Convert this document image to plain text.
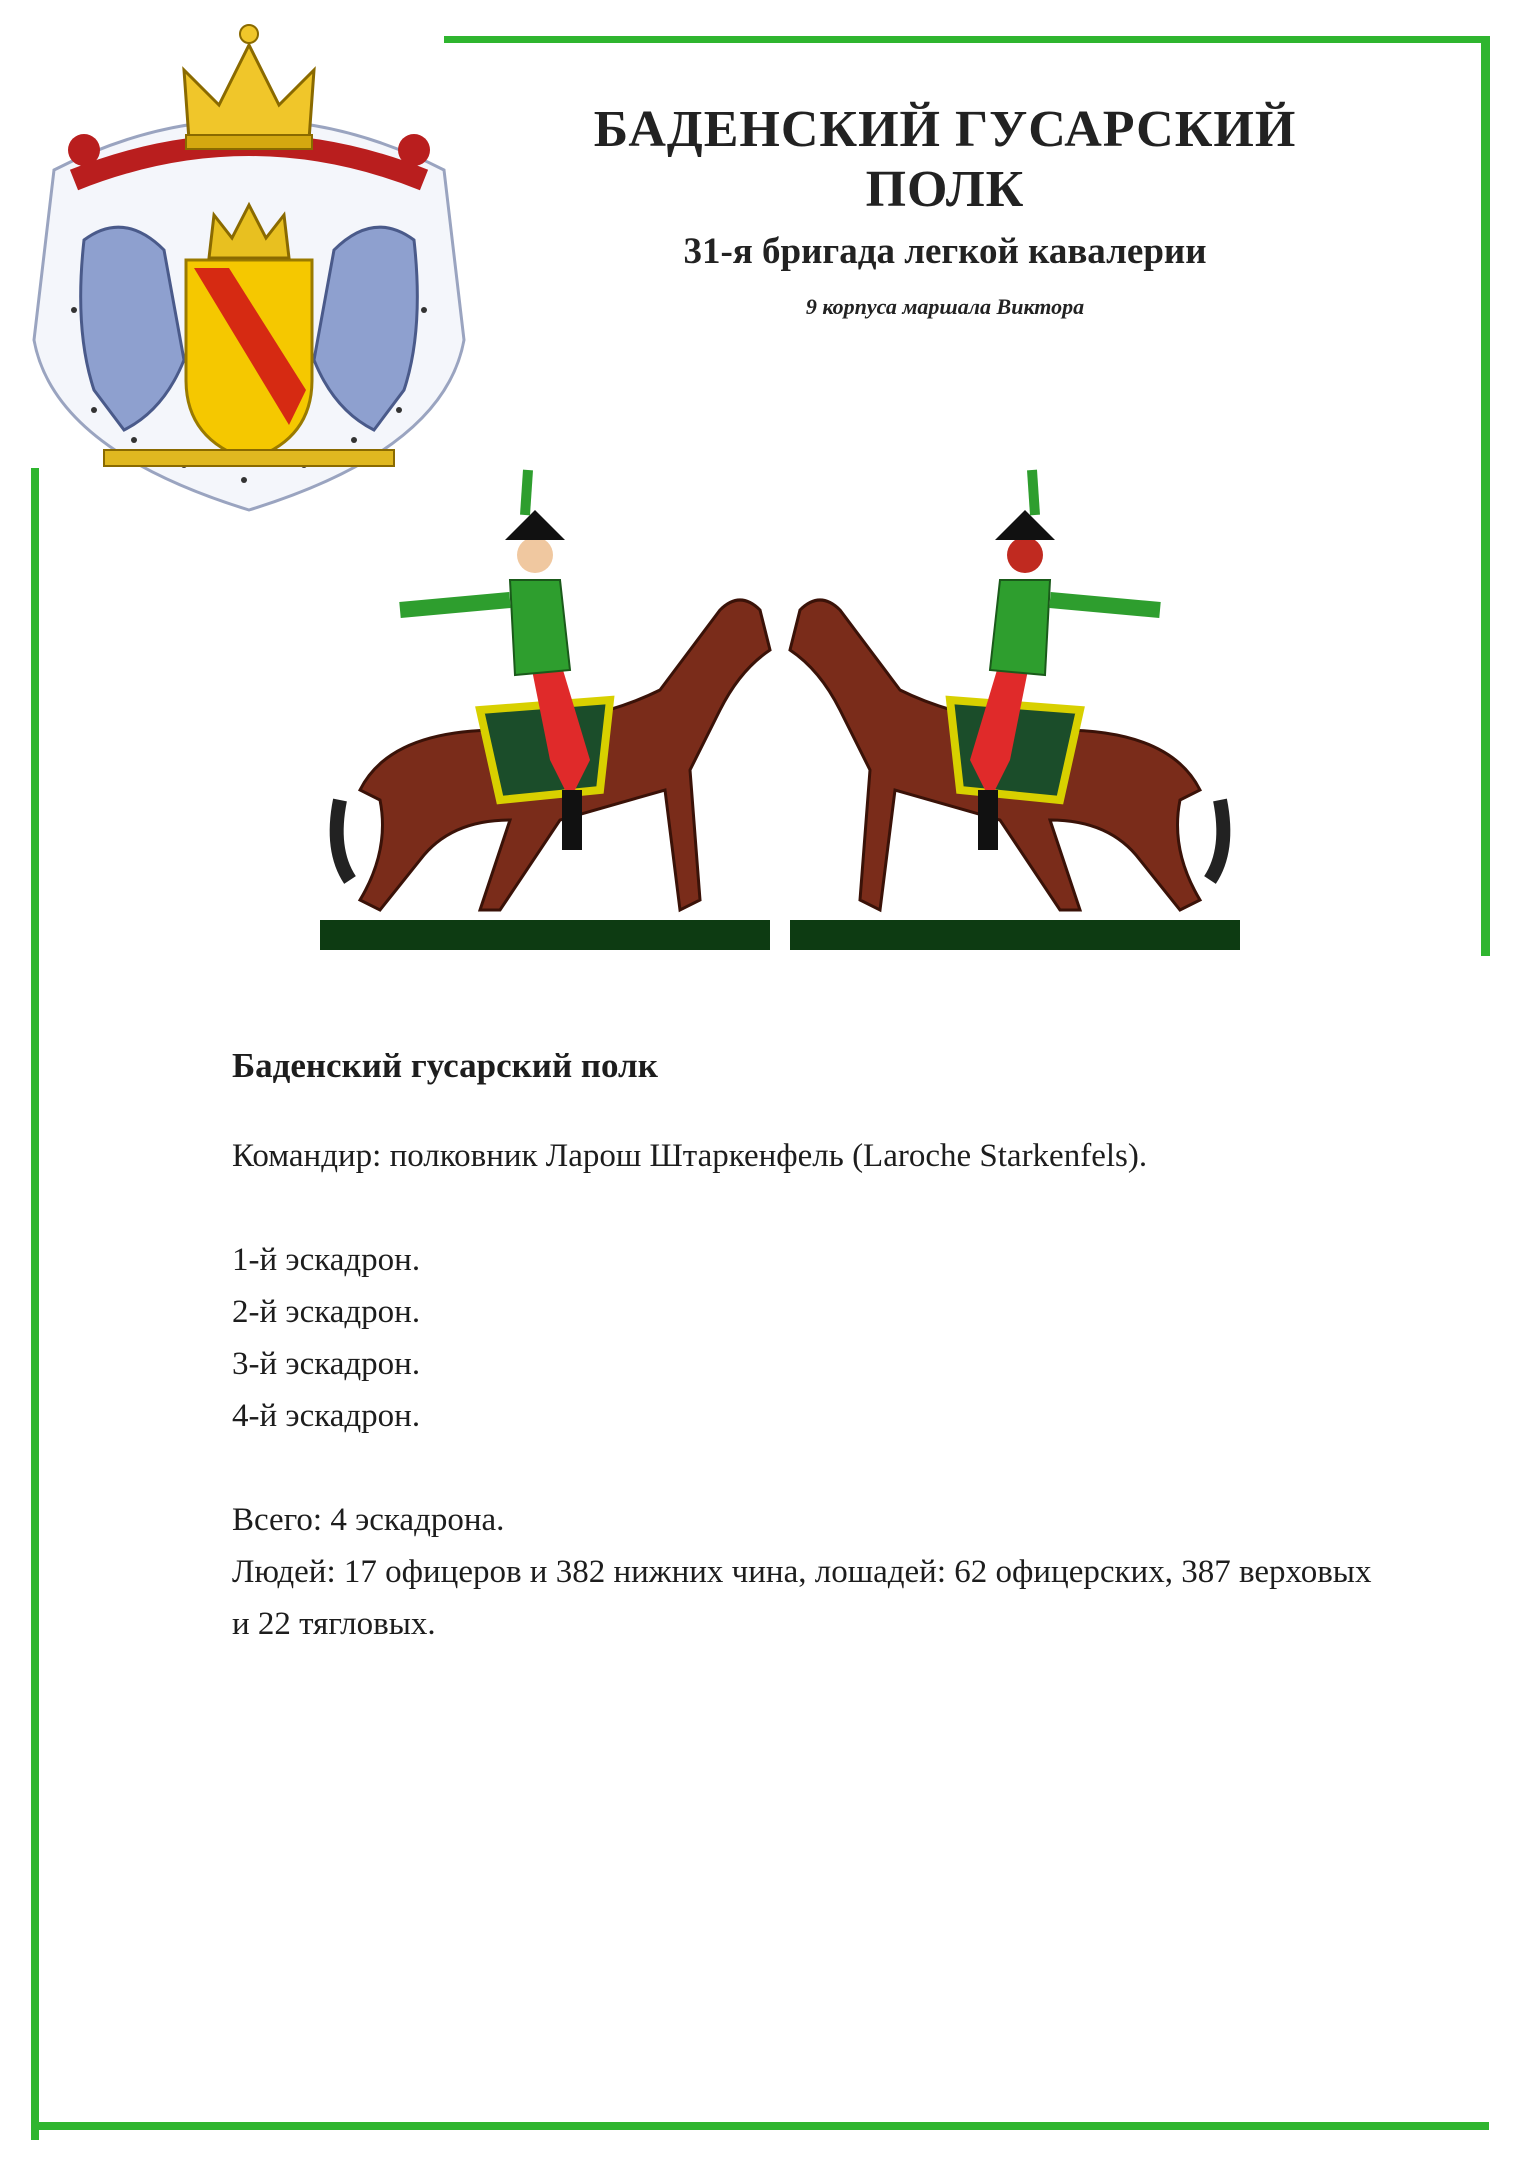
БАДЕНСКИЙ ГУСАРСКИЙ ПОЛК
31-я бригада легкой кавалерии

9 корпуса маршала Виктора

Баденский гусарский полк

Командир: полковник Ларош Штаркенфель (Laroche Starkenfels).

1-й эскадрон.

2-й эскадрон.

3-й эскадрон.

4-й эскадрон.

Всего: 4 эскадрона.

Людей: 17 офицеров и 382 нижних чина, лошадей: 62 офицерских, 387 верховых и 22 тягловых.
